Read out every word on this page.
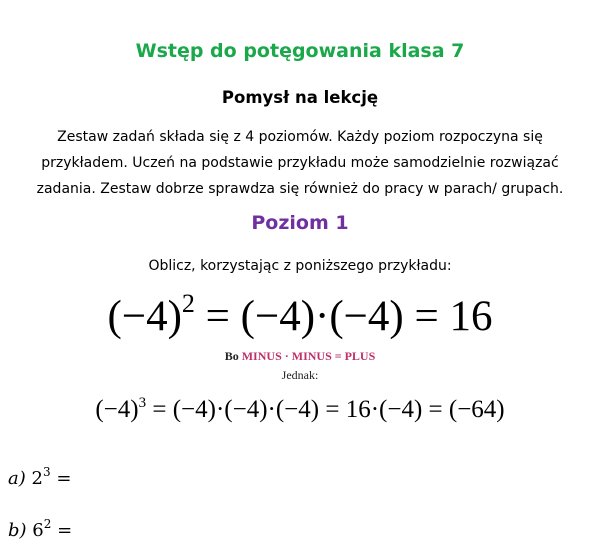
Wstęp do potęgowania klasa 7
Pomysł na lekcję
Zestaw zadań składa się z 4 poziomów. Każdy poziom rozpoczyna się
przykładem. Uczeń na podstawie przykładu może samodzielnie rozwiązać
zadania. Zestaw dobrze sprawdza się również do pracy w parach/ grupach.
Poziom 1
Oblicz, korzystając z poniższego przykładu:
$(-4)^2 = (-4)\cdot(-4) = 16$
Bo MINUS · MINUS = PLUS
Jednak:
$(-4)^3 = (-4)\cdot(-4)\cdot(-4) = 16\cdot(-4) = (-64)$
a) $2^3$ =
b) $6^2$ =
